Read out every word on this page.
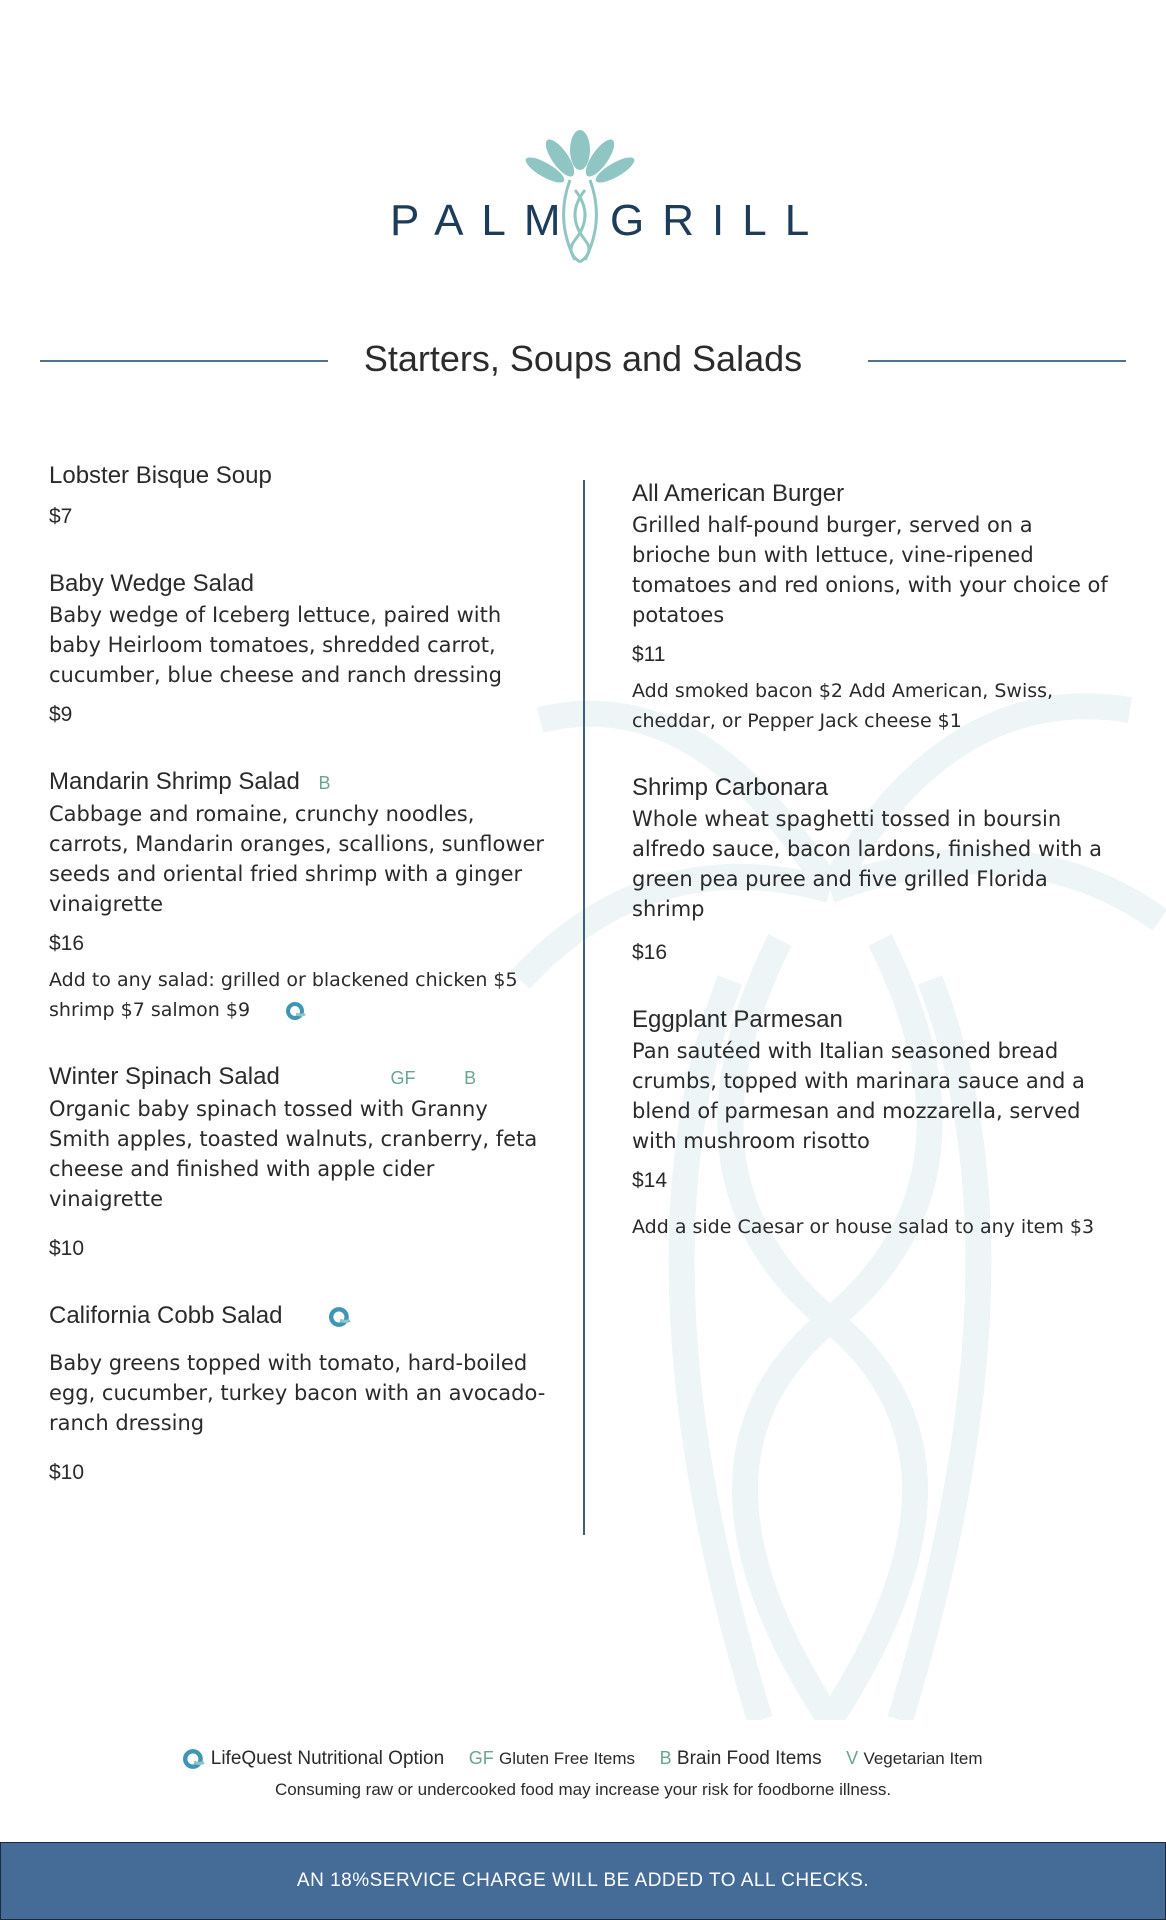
PALM GRILL
Starters, Soups and Salads
Lobster Bisque Soup
$7
Baby Wedge Salad
Baby wedge of Iceberg lettuce, paired with baby Heirloom tomatoes, shredded carrot, cucumber, blue cheese and ranch dressing
$9
Mandarin Shrimp Salad B
Cabbage and romaine, crunchy noodles, carrots, Mandarin oranges, scallions, sunflower seeds and oriental fried shrimp with a ginger vinaigrette
$16
Add to any salad: grilled or blackened chicken $5 shrimp $7 salmon $9
Winter Spinach Salad	GF	B
Organic baby spinach tossed with Granny Smith apples, toasted walnuts, cranberry, feta cheese and finished with apple cider vinaigrette
$10
California Cobb Salad
Baby greens topped with tomato, hard-boiled egg, cucumber, turkey bacon with an avocado-ranch dressing
$10
All American Burger
Grilled half-pound burger, served on a brioche bun with lettuce, vine-ripened tomatoes and red onions, with your choice of potatoes
$11
Add smoked bacon $2 Add American, Swiss, cheddar, or Pepper Jack cheese $1
Shrimp Carbonara
Whole wheat spaghetti tossed in boursin alfredo sauce, bacon lardons, finished with a green pea puree and five grilled Florida shrimp
$16
Eggplant Parmesan
Pan sautéed with Italian seasoned bread crumbs, topped with marinara sauce and a blend of parmesan and mozzarella, served with mushroom risotto
$14
Add a side Caesar or house salad to any item $3
LifeQuest Nutritional Option GF Gluten Free Items B Brain Food Items V Vegetarian Item
Consuming raw or undercooked food may increase your risk for foodborne illness.
AN 18%SERVICE CHARGE WILL BE ADDED TO ALL CHECKS.
